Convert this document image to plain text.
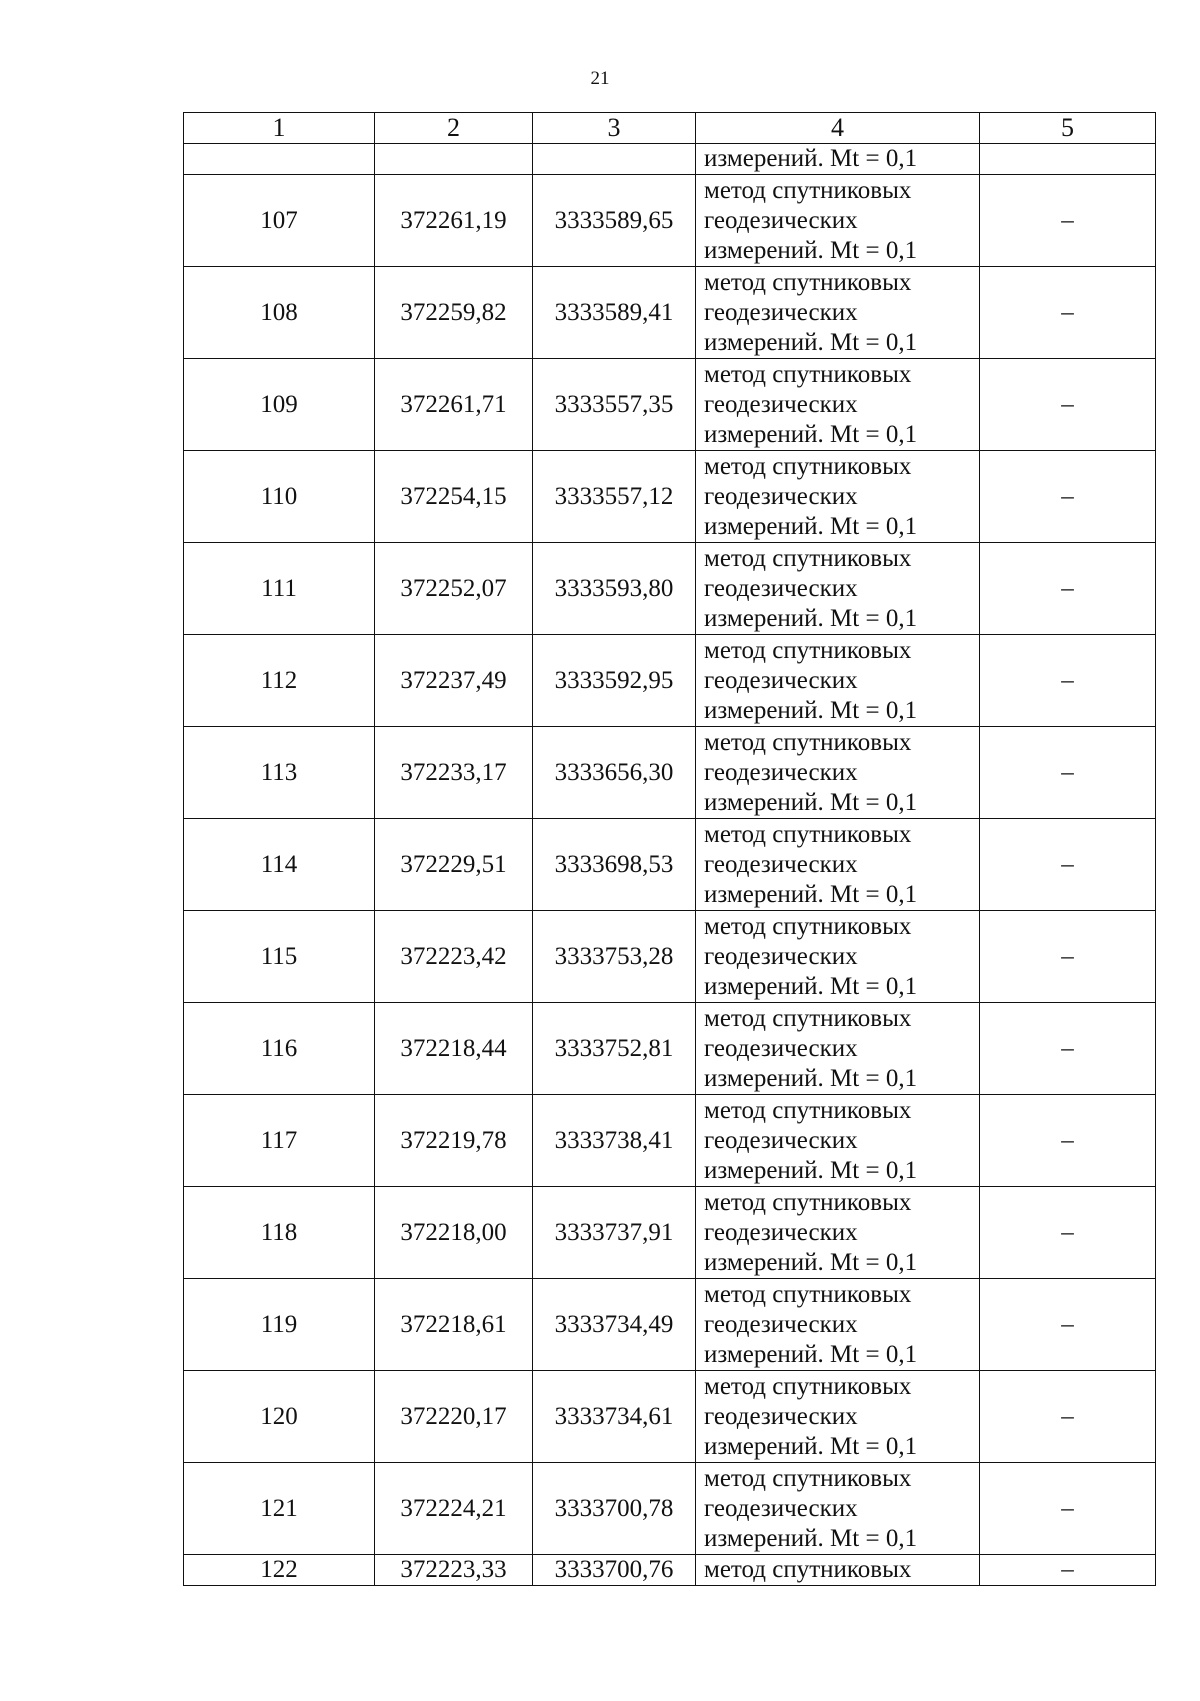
21
1	2	3	4	5
			измерений. Mt = 0,1	
107	372261,19	3333589,65	метод спутниковых
геодезических
измерений. Mt = 0,1	–
108	372259,82	3333589,41	метод спутниковых
геодезических
измерений. Mt = 0,1	–
109	372261,71	3333557,35	метод спутниковых
геодезических
измерений. Mt = 0,1	–
110	372254,15	3333557,12	метод спутниковых
геодезических
измерений. Mt = 0,1	–
111	372252,07	3333593,80	метод спутниковых
геодезических
измерений. Mt = 0,1	–
112	372237,49	3333592,95	метод спутниковых
геодезических
измерений. Mt = 0,1	–
113	372233,17	3333656,30	метод спутниковых
геодезических
измерений. Mt = 0,1	–
114	372229,51	3333698,53	метод спутниковых
геодезических
измерений. Mt = 0,1	–
115	372223,42	3333753,28	метод спутниковых
геодезических
измерений. Mt = 0,1	–
116	372218,44	3333752,81	метод спутниковых
геодезических
измерений. Mt = 0,1	–
117	372219,78	3333738,41	метод спутниковых
геодезических
измерений. Mt = 0,1	–
118	372218,00	3333737,91	метод спутниковых
геодезических
измерений. Mt = 0,1	–
119	372218,61	3333734,49	метод спутниковых
геодезических
измерений. Mt = 0,1	–
120	372220,17	3333734,61	метод спутниковых
геодезических
измерений. Mt = 0,1	–
121	372224,21	3333700,78	метод спутниковых
геодезических
измерений. Mt = 0,1	–
122	372223,33	3333700,76	метод спутниковых	–
